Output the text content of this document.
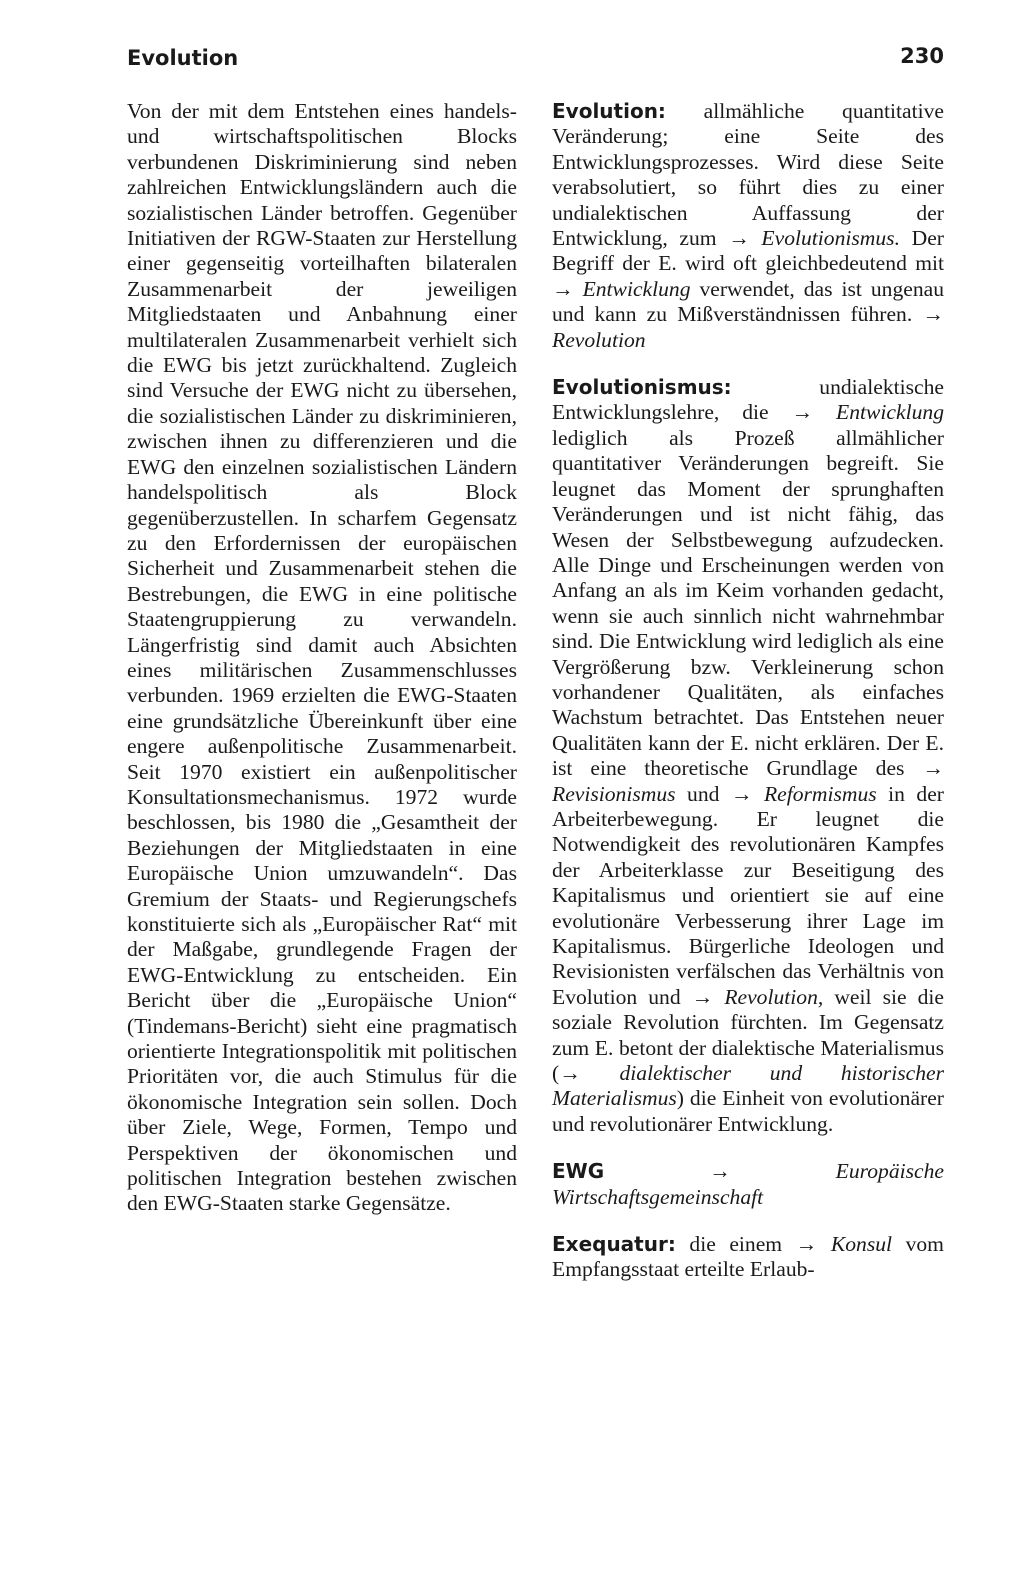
Evolution	230

Von der mit dem Entstehen eines handels- und wirtschaftspolitischen Blocks verbundenen Diskriminierung sind neben zahlreichen Entwicklungsländern auch die sozialistischen Länder betroffen. Gegenüber Initiativen der RGW-Staaten zur Herstellung einer gegenseitig vorteilhaften bilateralen Zusammenarbeit der jeweiligen Mitgliedstaaten und Anbahnung einer multilateralen Zusammenarbeit verhielt sich die EWG bis jetzt zurückhaltend. Zugleich sind Versuche der EWG nicht zu übersehen, die sozialistischen Länder zu diskriminieren, zwischen ihnen zu differenzieren und die EWG den einzelnen sozialistischen Ländern handelspolitisch als Block gegenüberzustellen. In scharfem Gegensatz zu den Erfordernissen der europäischen Sicherheit und Zusammenarbeit stehen die Bestrebungen, die EWG in eine politische Staatengruppierung zu verwandeln. Längerfristig sind damit auch Absichten eines militärischen Zusammenschlusses verbunden. 1969 erzielten die EWG-Staaten eine grundsätzliche Übereinkunft über eine engere außenpolitische Zusammenarbeit. Seit 1970 existiert ein außenpolitischer Konsultationsmechanismus. 1972 wurde beschlossen, bis 1980 die „Gesamtheit der Beziehungen der Mitgliedstaaten in eine Europäische Union umzuwandeln“. Das Gremium der Staats- und Regierungschefs konstituierte sich als „Europäischer Rat“ mit der Maßgabe, grundlegende Fragen der EWG-Entwicklung zu entscheiden. Ein Bericht über die „Europäische Union“ (Tindemans-Bericht) sieht eine pragmatisch orientierte Integrationspolitik mit politischen Prioritäten vor, die auch Stimulus für die ökonomische Integration sein sollen. Doch über Ziele, Wege, Formen, Tempo und Perspektiven der ökonomischen und politischen Integration bestehen zwischen den EWG-Staaten starke Gegensätze.

Evolution: allmähliche quantitative Veränderung; eine Seite des Entwicklungsprozesses. Wird diese Seite verabsolutiert, so führt dies zu einer undialektischen Auffassung der Entwicklung, zum → Evolutionismus. Der Begriff der E. wird oft gleichbedeutend mit → Entwicklung verwendet, das ist ungenau und kann zu Mißverständnissen führen. → Revolution

Evolutionismus: undialektische Entwicklungslehre, die → Entwicklung lediglich als Prozeß allmählicher quantitativer Veränderungen begreift. Sie leugnet das Moment der sprunghaften Veränderungen und ist nicht fähig, das Wesen der Selbstbewegung aufzudecken. Alle Dinge und Erscheinungen werden von Anfang an als im Keim vorhanden gedacht, wenn sie auch sinnlich nicht wahrnehmbar sind. Die Entwicklung wird lediglich als eine Vergrößerung bzw. Verkleinerung schon vorhandener Qualitäten, als einfaches Wachstum betrachtet. Das Entstehen neuer Qualitäten kann der E. nicht erklären. Der E. ist eine theoretische Grundlage des → Revisionismus und → Reformismus in der Arbeiterbewegung. Er leugnet die Notwendigkeit des revolutionären Kampfes der Arbeiterklasse zur Beseitigung des Kapitalismus und orientiert sie auf eine evolutionäre Verbesserung ihrer Lage im Kapitalismus. Bürgerliche Ideologen und Revisionisten verfälschen das Verhältnis von Evolution und → Revolution, weil sie die soziale Revolution fürchten. Im Gegensatz zum E. betont der dialektische Materialismus (→ dialektischer und historischer Materialismus) die Einheit von evolutionärer und revolutionärer Entwicklung.

EWG	→	Europäische Wirtschaftsgemeinschaft

Exequatur: die einem → Konsul vom Empfangsstaat erteilte Erlaub-
